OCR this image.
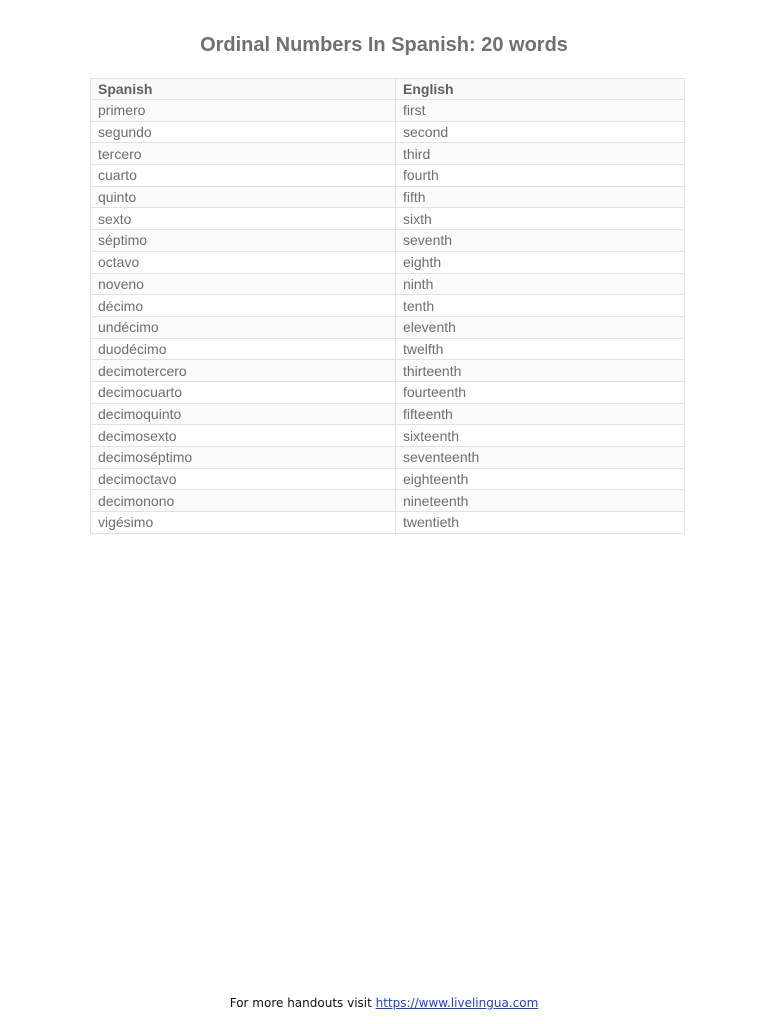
Ordinal Numbers In Spanish: 20 words
Spanish	English
primero	first
segundo	second
tercero	third
cuarto	fourth
quinto	fifth
sexto	sixth
séptimo	seventh
octavo	eighth
noveno	ninth
décimo	tenth
undécimo	eleventh
duodécimo	twelfth
decimotercero	thirteenth
decimocuarto	fourteenth
decimoquinto	fifteenth
decimosexto	sixteenth
decimoséptimo	seventeenth
decimoctavo	eighteenth
decimonono	nineteenth
vigésimo	twentieth
For more handouts visit https://www.livelingua.com
